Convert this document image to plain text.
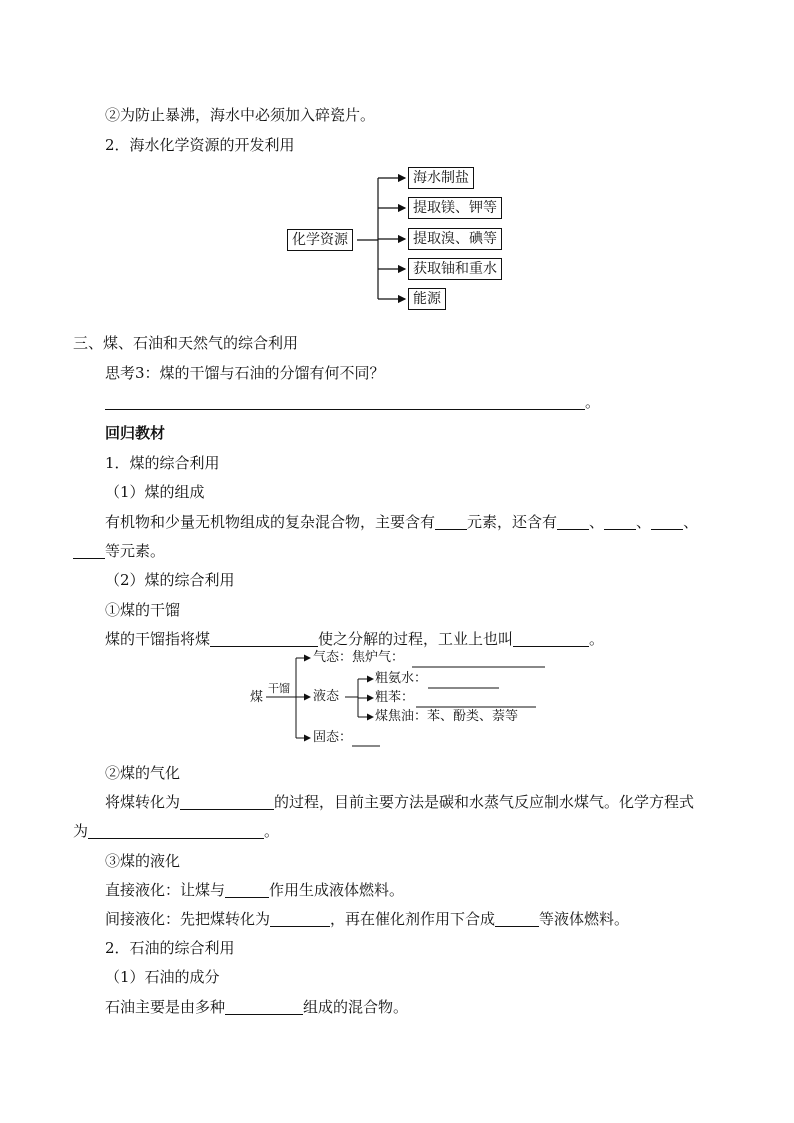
②为防止暴沸，海水中必须加入碎瓷片。
2．海水化学资源的开发利用
化学资源
海水制盐
提取镁、钾等
提取溴、碘等
获取铀和重水
能源
三、煤、石油和天然气的综合利用
思考3：煤的干馏与石油的分馏有何不同？
。
回归教材
1．煤的综合利用
（1）煤的组成
有机物和少量无机物组成的复杂混合物，主要含有 元素，还含有 、 、 、
等元素。
（2）煤的综合利用
①煤的干馏
煤的干馏指将煤	使之分解的过程，工业上也叫	。
煤
干馏
气态：焦炉气：
液态
粗氨水：
粗苯：
煤焦油：苯、酚类、萘等
固态：
②煤的气化
将煤转化为	的过程，目前主要方法是碳和水蒸气反应制水煤气。化学方程式
为	。
③煤的液化
直接液化：让煤与	作用生成液体燃料。
间接液化：先把煤转化为	，再在催化剂作用下合成	等液体燃料。
2．石油的综合利用
（1）石油的成分
石油主要是由多种	组成的混合物。
